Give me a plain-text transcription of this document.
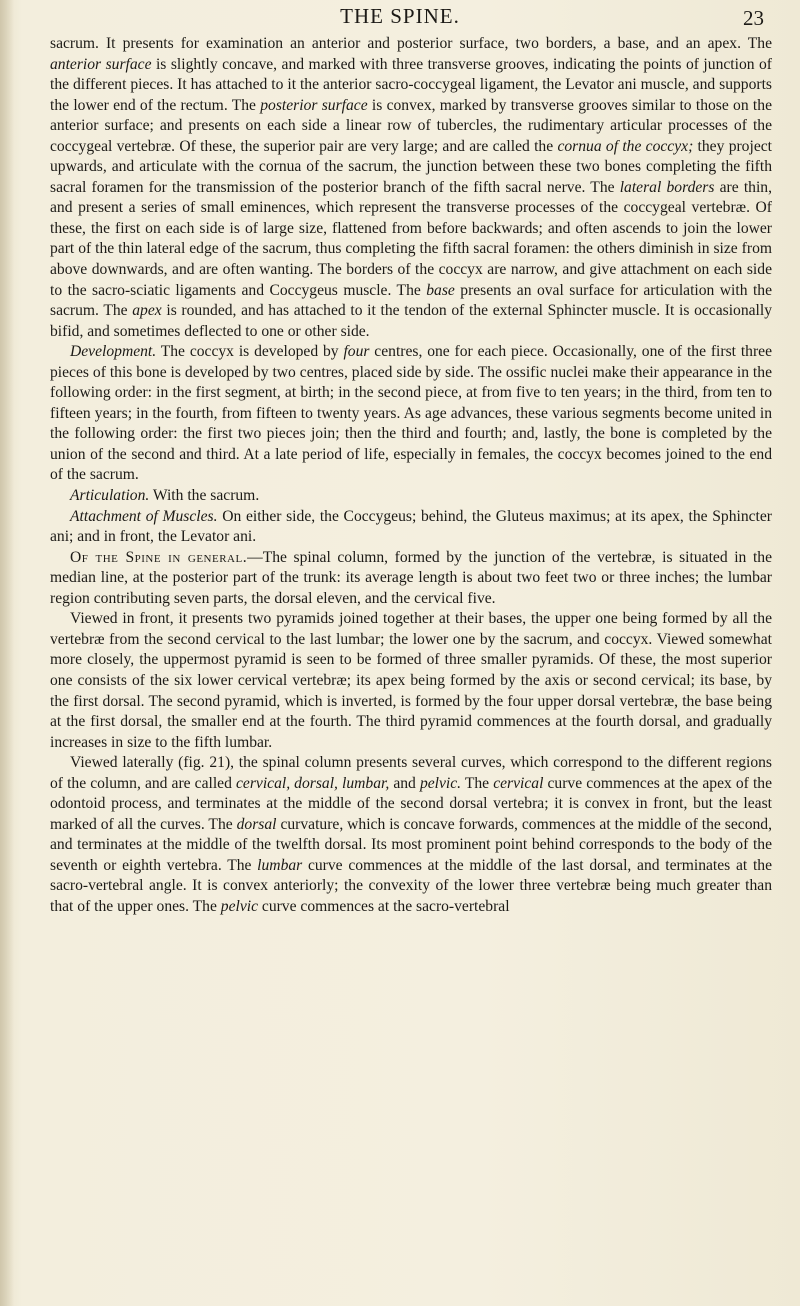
THE SPINE.	23

sacrum. It presents for examination an anterior and posterior surface, two borders, a base, and an apex. The anterior surface is slightly concave, and marked with three transverse grooves, indicating the points of junction of the different pieces. It has attached to it the anterior sacro-coccygeal ligament, the Levator ani muscle, and supports the lower end of the rectum. The posterior surface is convex, marked by transverse grooves similar to those on the anterior surface; and presents on each side a linear row of tubercles, the rudimentary articular processes of the coccygeal vertebræ. Of these, the superior pair are very large; and are called the cornua of the coccyx; they project upwards, and articulate with the cornua of the sacrum, the junction between these two bones completing the fifth sacral foramen for the transmission of the posterior branch of the fifth sacral nerve. The lateral borders are thin, and present a series of small eminences, which represent the transverse processes of the coccygeal vertebræ. Of these, the first on each side is of large size, flattened from before backwards; and often ascends to join the lower part of the thin lateral edge of the sacrum, thus completing the fifth sacral foramen: the others diminish in size from above downwards, and are often wanting. The borders of the coccyx are narrow, and give attachment on each side to the sacro-sciatic ligaments and Coccygeus muscle. The base presents an oval surface for articulation with the sacrum. The apex is rounded, and has attached to it the tendon of the external Sphincter muscle. It is occasionally bifid, and sometimes deflected to one or other side.

Development. The coccyx is developed by four centres, one for each piece. Occasionally, one of the first three pieces of this bone is developed by two centres, placed side by side. The ossific nuclei make their appearance in the following order: in the first segment, at birth; in the second piece, at from five to ten years; in the third, from ten to fifteen years; in the fourth, from fifteen to twenty years. As age advances, these various segments become united in the following order: the first two pieces join; then the third and fourth; and, lastly, the bone is completed by the union of the second and third. At a late period of life, especially in females, the coccyx becomes joined to the end of the sacrum.

Articulation. With the sacrum.

Attachment of Muscles. On either side, the Coccygeus; behind, the Gluteus maximus; at its apex, the Sphincter ani; and in front, the Levator ani.

Of the Spine in general.—The spinal column, formed by the junction of the vertebræ, is situated in the median line, at the posterior part of the trunk: its average length is about two feet two or three inches; the lumbar region contributing seven parts, the dorsal eleven, and the cervical five.

Viewed in front, it presents two pyramids joined together at their bases, the upper one being formed by all the vertebræ from the second cervical to the last lumbar; the lower one by the sacrum, and coccyx. Viewed somewhat more closely, the uppermost pyramid is seen to be formed of three smaller pyramids. Of these, the most superior one consists of the six lower cervical vertebræ; its apex being formed by the axis or second cervical; its base, by the first dorsal. The second pyramid, which is inverted, is formed by the four upper dorsal vertebræ, the base being at the first dorsal, the smaller end at the fourth. The third pyramid commences at the fourth dorsal, and gradually increases in size to the fifth lumbar.

Viewed laterally (fig. 21), the spinal column presents several curves, which correspond to the different regions of the column, and are called cervical, dorsal, lumbar, and pelvic. The cervical curve commences at the apex of the odontoid process, and terminates at the middle of the second dorsal vertebra; it is convex in front, but the least marked of all the curves. The dorsal curvature, which is concave forwards, commences at the middle of the second, and terminates at the middle of the twelfth dorsal. Its most prominent point behind corresponds to the body of the seventh or eighth vertebra. The lumbar curve commences at the middle of the last dorsal, and terminates at the sacro-vertebral angle. It is convex anteriorly; the convexity of the lower three vertebræ being much greater than that of the upper ones. The pelvic curve commences at the sacro-vertebral
